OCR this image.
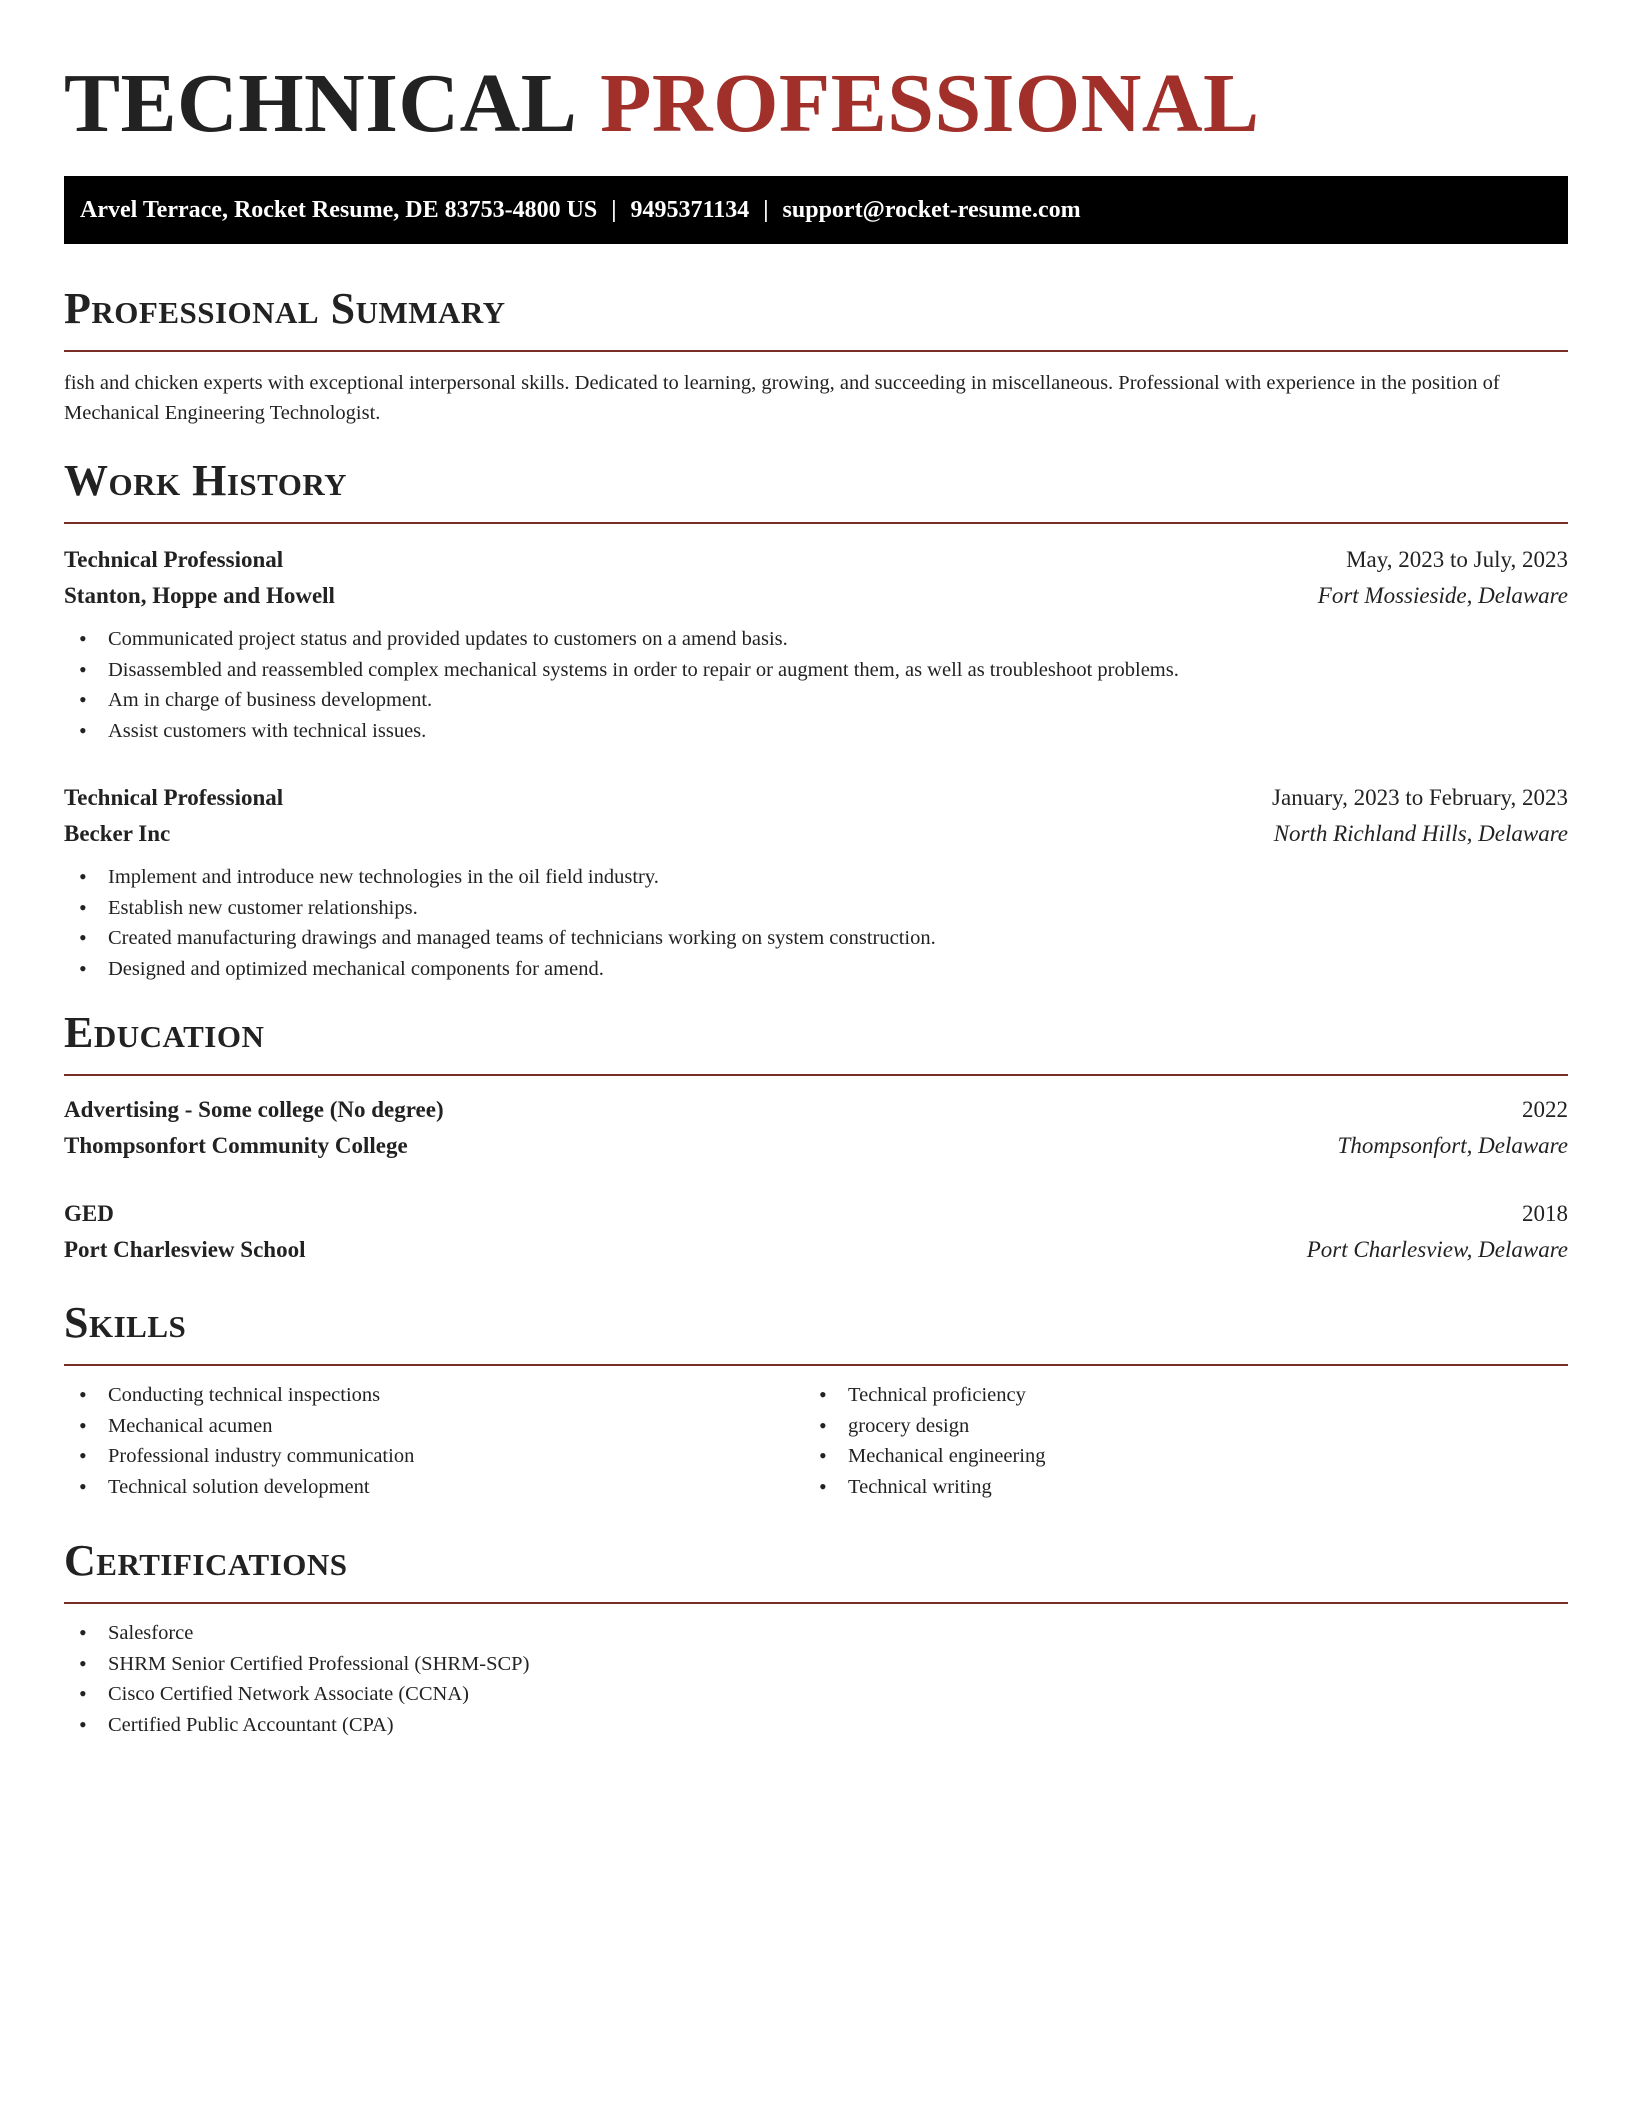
TECHNICAL PROFESSIONAL
Arvel Terrace, Rocket Resume, DE 83753-4800 US | 9495371134 | support@rocket-resume.com
Professional Summary

fish and chicken experts with exceptional interpersonal skills. Dedicated to learning, growing, and succeeding in miscellaneous. Professional with experience in the position of Mechanical Engineering Technologist.

Work History
Technical Professional	May, 2023 to July, 2023
Stanton, Hoppe and Howell	Fort Mossieside, Delaware
• Communicated project status and provided updates to customers on a amend basis.
• Disassembled and reassembled complex mechanical systems in order to repair or augment them, as well as troubleshoot problems.
• Am in charge of business development.
• Assist customers with technical issues.
Technical Professional	January, 2023 to February, 2023
Becker Inc	North Richland Hills, Delaware
• Implement and introduce new technologies in the oil field industry.
• Establish new customer relationships.
• Created manufacturing drawings and managed teams of technicians working on system construction.
• Designed and optimized mechanical components for amend.
Education
Advertising - Some college (No degree)	2022
Thompsonfort Community College	Thompsonfort, Delaware
GED	2018
Port Charlesview School	Port Charlesview, Delaware
Skills
• Conducting technical inspections
• Mechanical acumen
• Professional industry communication
• Technical solution development
• Technical proficiency
• grocery design
• Mechanical engineering
• Technical writing
Certifications
• Salesforce
• SHRM Senior Certified Professional (SHRM-SCP)
• Cisco Certified Network Associate (CCNA)
• Certified Public Accountant (CPA)
